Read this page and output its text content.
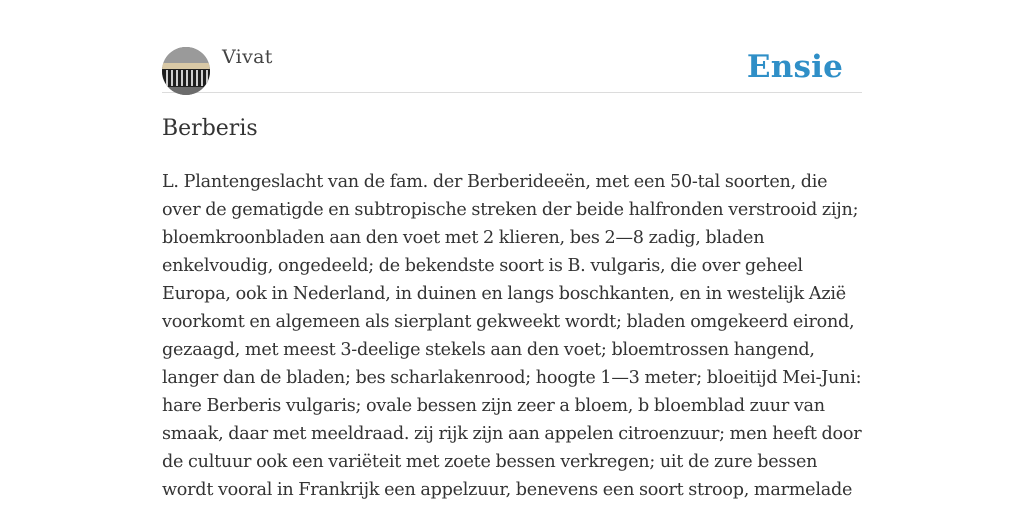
Vivat	Ensie
Berberis

L. Plantengeslacht van de fam. der Berberideeën, met een 50-tal soorten, die over de gematigde en subtropische streken der beide halfronden verstrooid zijn; bloemkroonbladen aan den voet met 2 klieren, bes 2—8 zadig, bladen enkelvoudig, ongedeeld; de bekendste soort is B. vulgaris, die over geheel Europa, ook in Nederland, in duinen en langs boschkanten, en in westelijk Azië voorkomt en algemeen als sierplant gekweekt wordt; bladen omgekeerd eirond, gezaagd, met meest 3-deelige stekels aan den voet; bloemtrossen hangend, langer dan de bladen; bes scharlakenrood; hoogte 1—3 meter; bloeitijd Mei-Juni: hare Berberis vulgaris; ovale bessen zijn zeer a bloem, b bloemblad zuur van smaak, daar met meeldraad. zij rijk zijn aan appelen citroenzuur; men heeft door de cultuur ook een variëteit met zoete bessen verkregen; uit de zure bessen wordt vooral in Frankrijk een appelzuur, benevens een soort stroop, marmelade
